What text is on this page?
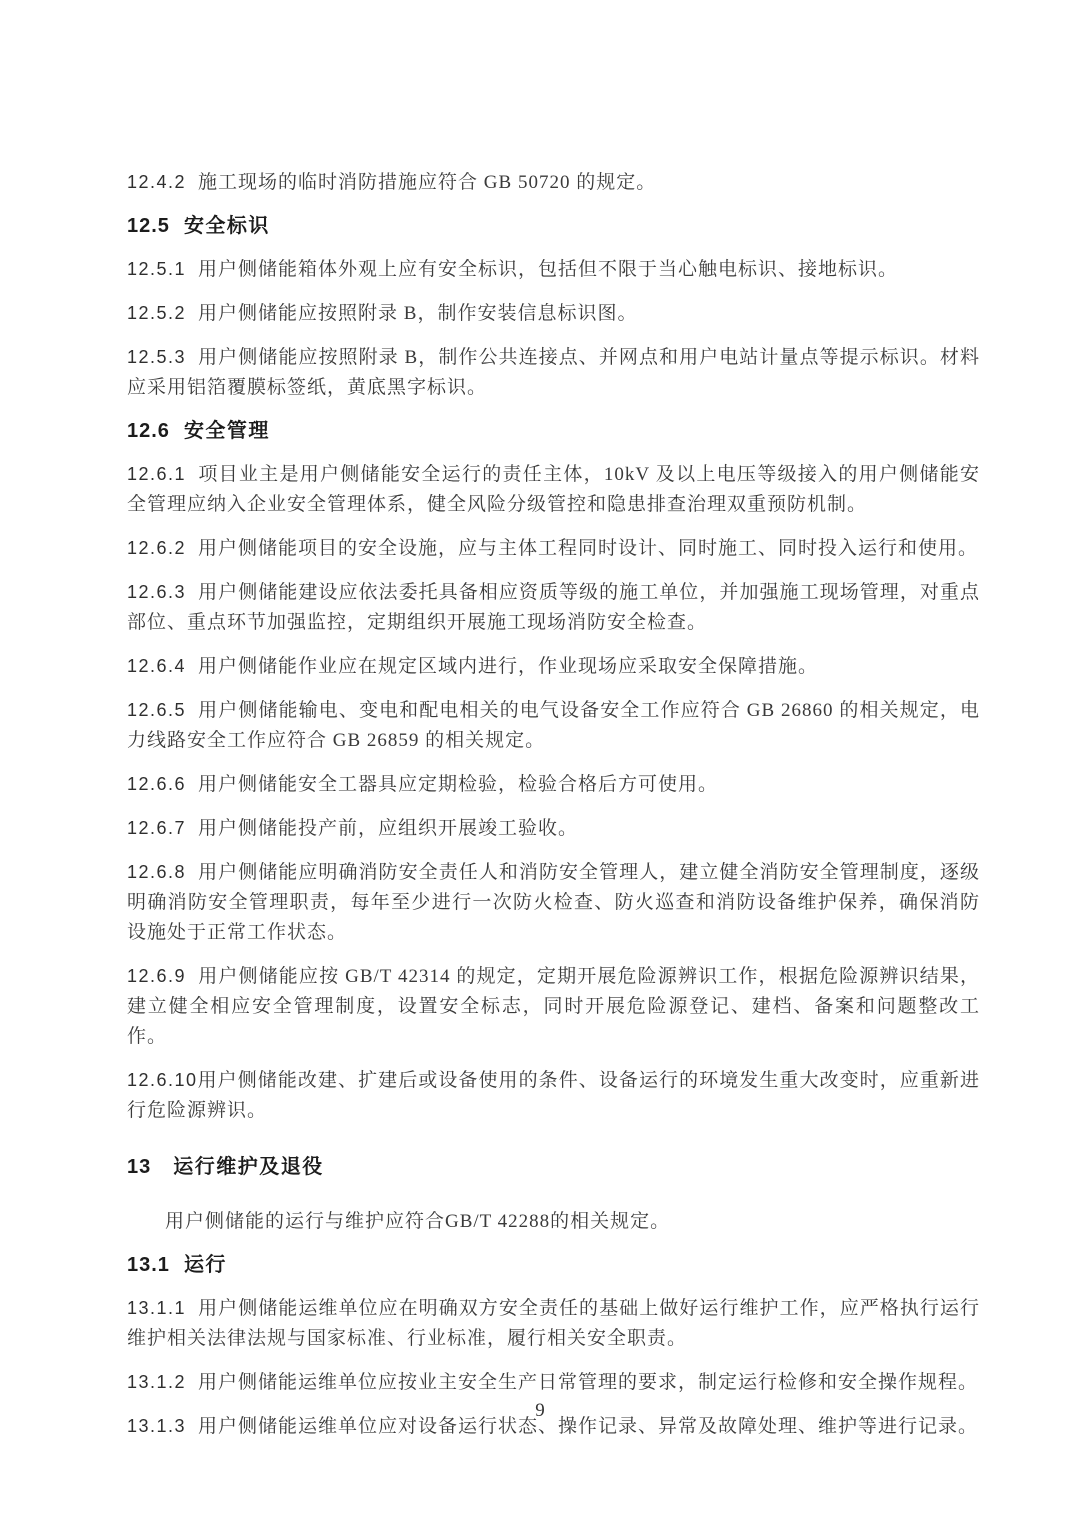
12.4.2 施工现场的临时消防措施应符合 GB 50720 的规定。

12.5 安全标识

12.5.1 用户侧储能箱体外观上应有安全标识，包括但不限于当心触电标识、接地标识。

12.5.2 用户侧储能应按照附录 B，制作安装信息标识图。

12.5.3 用户侧储能应按照附录 B，制作公共连接点、并网点和用户电站计量点等提示标识。材料应采用铝箔覆膜标签纸，黄底黑字标识。

12.6 安全管理

12.6.1 项目业主是用户侧储能安全运行的责任主体，10kV 及以上电压等级接入的用户侧储能安全管理应纳入企业安全管理体系，健全风险分级管控和隐患排查治理双重预防机制。

12.6.2 用户侧储能项目的安全设施，应与主体工程同时设计、同时施工、同时投入运行和使用。

12.6.3 用户侧储能建设应依法委托具备相应资质等级的施工单位，并加强施工现场管理，对重点部位、重点环节加强监控，定期组织开展施工现场消防安全检查。

12.6.4 用户侧储能作业应在规定区域内进行，作业现场应采取安全保障措施。

12.6.5 用户侧储能输电、变电和配电相关的电气设备安全工作应符合 GB 26860 的相关规定，电力线路安全工作应符合 GB 26859 的相关规定。

12.6.6 用户侧储能安全工器具应定期检验，检验合格后方可使用。

12.6.7 用户侧储能投产前，应组织开展竣工验收。

12.6.8 用户侧储能应明确消防安全责任人和消防安全管理人，建立健全消防安全管理制度，逐级明确消防安全管理职责，每年至少进行一次防火检查、防火巡查和消防设备维护保养，确保消防设施处于正常工作状态。

12.6.9 用户侧储能应按 GB/T 42314 的规定，定期开展危险源辨识工作，根据危险源辨识结果，建立健全相应安全管理制度，设置安全标志，同时开展危险源登记、建档、备案和问题整改工作。

12.6.10用户侧储能改建、扩建后或设备使用的条件、设备运行的环境发生重大改变时，应重新进行危险源辨识。

13 运行维护及退役

用户侧储能的运行与维护应符合GB/T 42288的相关规定。

13.1 运行

13.1.1 用户侧储能运维单位应在明确双方安全责任的基础上做好运行维护工作，应严格执行运行维护相关法律法规与国家标准、行业标准，履行相关安全职责。

13.1.2 用户侧储能运维单位应按业主安全生产日常管理的要求，制定运行检修和安全操作规程。

13.1.3 用户侧储能运维单位应对设备运行状态、操作记录、异常及故障处理、维护等进行记录。

9
